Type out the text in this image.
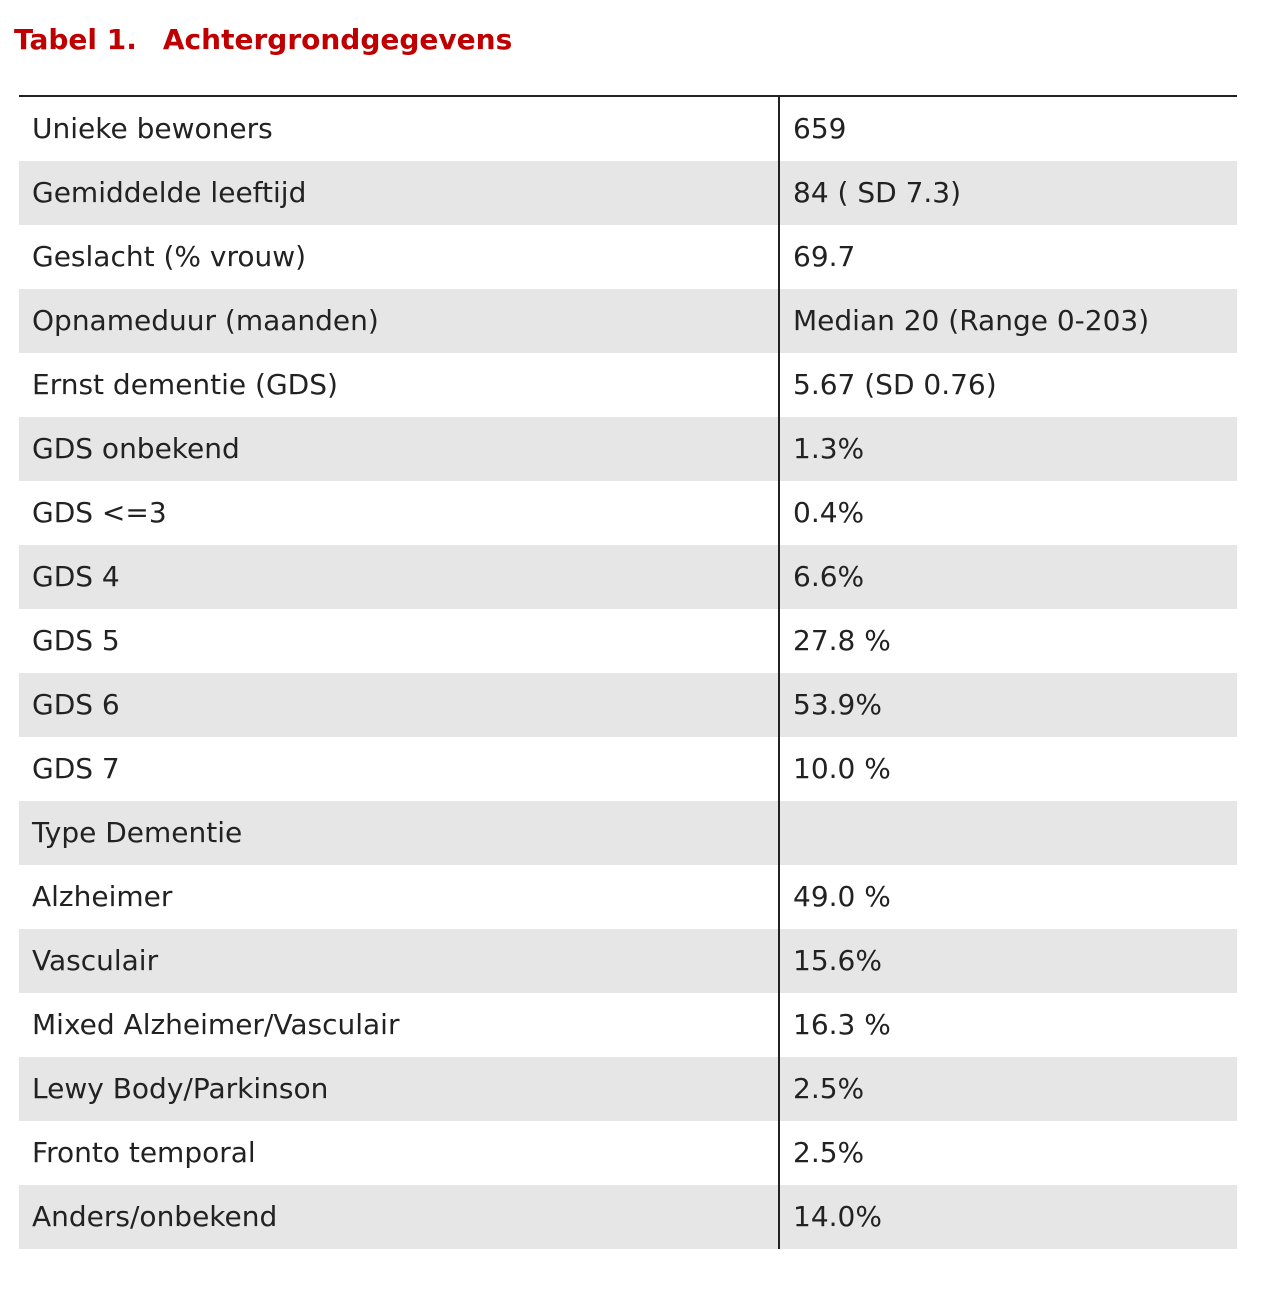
Tabel 1. Achtergrondgegevens
Unieke bewoners	659
Gemiddelde leeftijd	84 ( SD 7.3)
Geslacht (% vrouw)	69.7
Opnameduur (maanden)	Median 20 (Range 0-203)
Ernst dementie (GDS)	5.67 (SD 0.76)
GDS onbekend	1.3%
GDS <=3	0.4%
GDS 4	6.6%
GDS 5	27.8 %
GDS 6	53.9%
GDS 7	10.0 %
Type Dementie	
Alzheimer	49.0 %
Vasculair	15.6%
Mixed Alzheimer/Vasculair	16.3 %
Lewy Body/Parkinson	2.5%
Fronto temporal	2.5%
Anders/onbekend	14.0%
